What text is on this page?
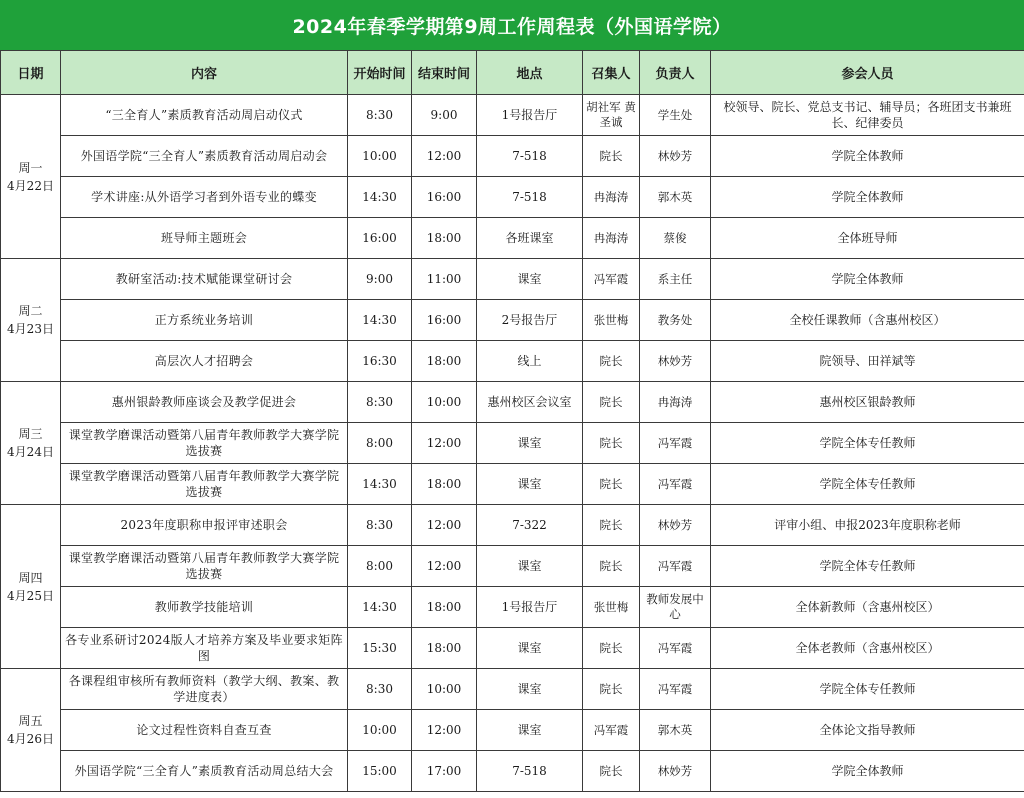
2024年春季学期第9周工作周程表（外国语学院）
日期	内容	开始时间	结束时间	地点	召集人	负责人	参会人员

周一
4月22日	“三全育人”素质教育活动周启动仪式	8:30	9:00	1号报告厅	胡社军 黄圣诚	学生处	校领导、院长、党总支书记、辅导员；各班团支书兼班长、纪律委员
	外国语学院“三全育人”素质教育活动周启动会	10:00	12:00	7-518	院长	林妙芳	学院全体教师
	学术讲座:从外语学习者到外语专业的蝶变	14:30	16:00	7-518	冉海涛	郭木英	学院全体教师
	班导师主题班会	16:00	18:00	各班课室	冉海涛	蔡俊	全体班导师

周二
4月23日	教研室活动:技术赋能课堂研讨会	9:00	11:00	课室	冯军霞	系主任	学院全体教师
	正方系统业务培训	14:30	16:00	2号报告厅	张世梅	教务处	全校任课教师（含惠州校区）
	高层次人才招聘会	16:30	18:00	线上	院长	林妙芳	院领导、田祥斌等

周三
4月24日	惠州银龄教师座谈会及教学促进会	8:30	10:00	惠州校区会议室	院长	冉海涛	惠州校区银龄教师
	课堂教学磨课活动暨第八届青年教师教学大赛学院选拔赛	8:00	12:00	课室	院长	冯军霞	学院全体专任教师
	课堂教学磨课活动暨第八届青年教师教学大赛学院选拔赛	14:30	18:00	课室	院长	冯军霞	学院全体专任教师

周四
4月25日	2023年度职称申报评审述职会	8:30	12:00	7-322	院长	林妙芳	评审小组、申报2023年度职称老师
	课堂教学磨课活动暨第八届青年教师教学大赛学院选拔赛	8:00	12:00	课室	院长	冯军霞	学院全体专任教师
	教师教学技能培训	14:30	18:00	1号报告厅	张世梅	教师发展中心	全体新教师（含惠州校区）
	各专业系研讨2024版人才培养方案及毕业要求矩阵图	15:30	18:00	课室	院长	冯军霞	全体老教师（含惠州校区）

周五
4月26日	各课程组审核所有教师资料（教学大纲、教案、教学进度表）	8:30	10:00	课室	院长	冯军霞	学院全体专任教师
	论文过程性资料自查互查	10:00	12:00	课室	冯军霞	郭木英	全体论文指导教师
	外国语学院“三全育人”素质教育活动周总结大会	15:00	17:00	7-518	院长	林妙芳	学院全体教师
